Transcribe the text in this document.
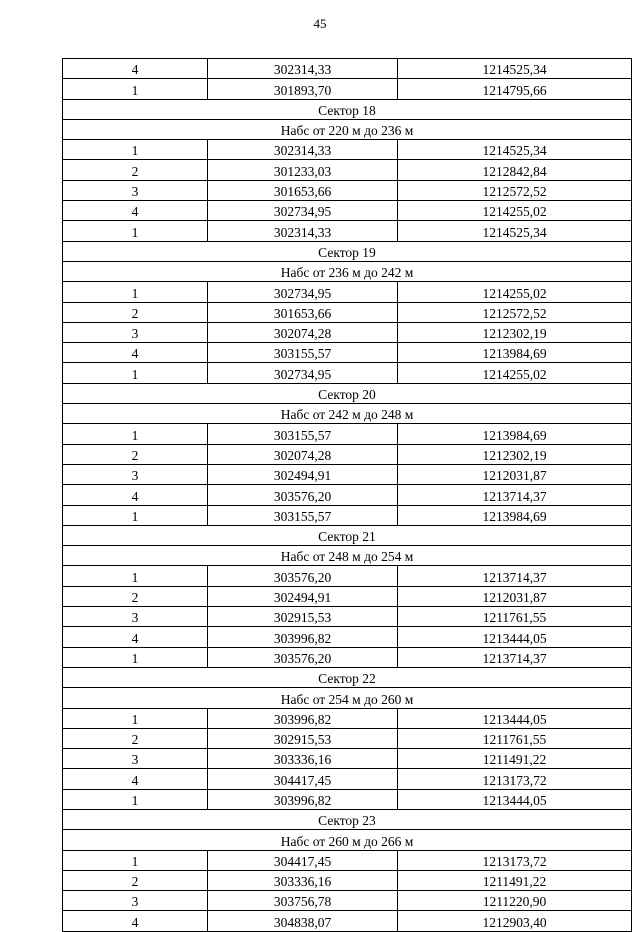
45
4	302314,33	1214525,34
1	301893,70	1214795,66
Сектор 18		
Набс от 220 м до 236 м		
1	302314,33	1214525,34
2	301233,03	1212842,84
3	301653,66	1212572,52
4	302734,95	1214255,02
1	302314,33	1214525,34
Сектор 19		
Набс от 236 м до 242 м		
1	302734,95	1214255,02
2	301653,66	1212572,52
3	302074,28	1212302,19
4	303155,57	1213984,69
1	302734,95	1214255,02
Сектор 20		
Набс от 242 м до 248 м		
1	303155,57	1213984,69
2	302074,28	1212302,19
3	302494,91	1212031,87
4	303576,20	1213714,37
1	303155,57	1213984,69
Сектор 21		
Набс от 248 м до 254 м		
1	303576,20	1213714,37
2	302494,91	1212031,87
3	302915,53	1211761,55
4	303996,82	1213444,05
1	303576,20	1213714,37
Сектор 22		
Набс от 254 м до 260 м		
1	303996,82	1213444,05
2	302915,53	1211761,55
3	303336,16	1211491,22
4	304417,45	1213173,72
1	303996,82	1213444,05
Сектор 23		
Набс от 260 м до 266 м		
1	304417,45	1213173,72
2	303336,16	1211491,22
3	303756,78	1211220,90
4	304838,07	1212903,40
